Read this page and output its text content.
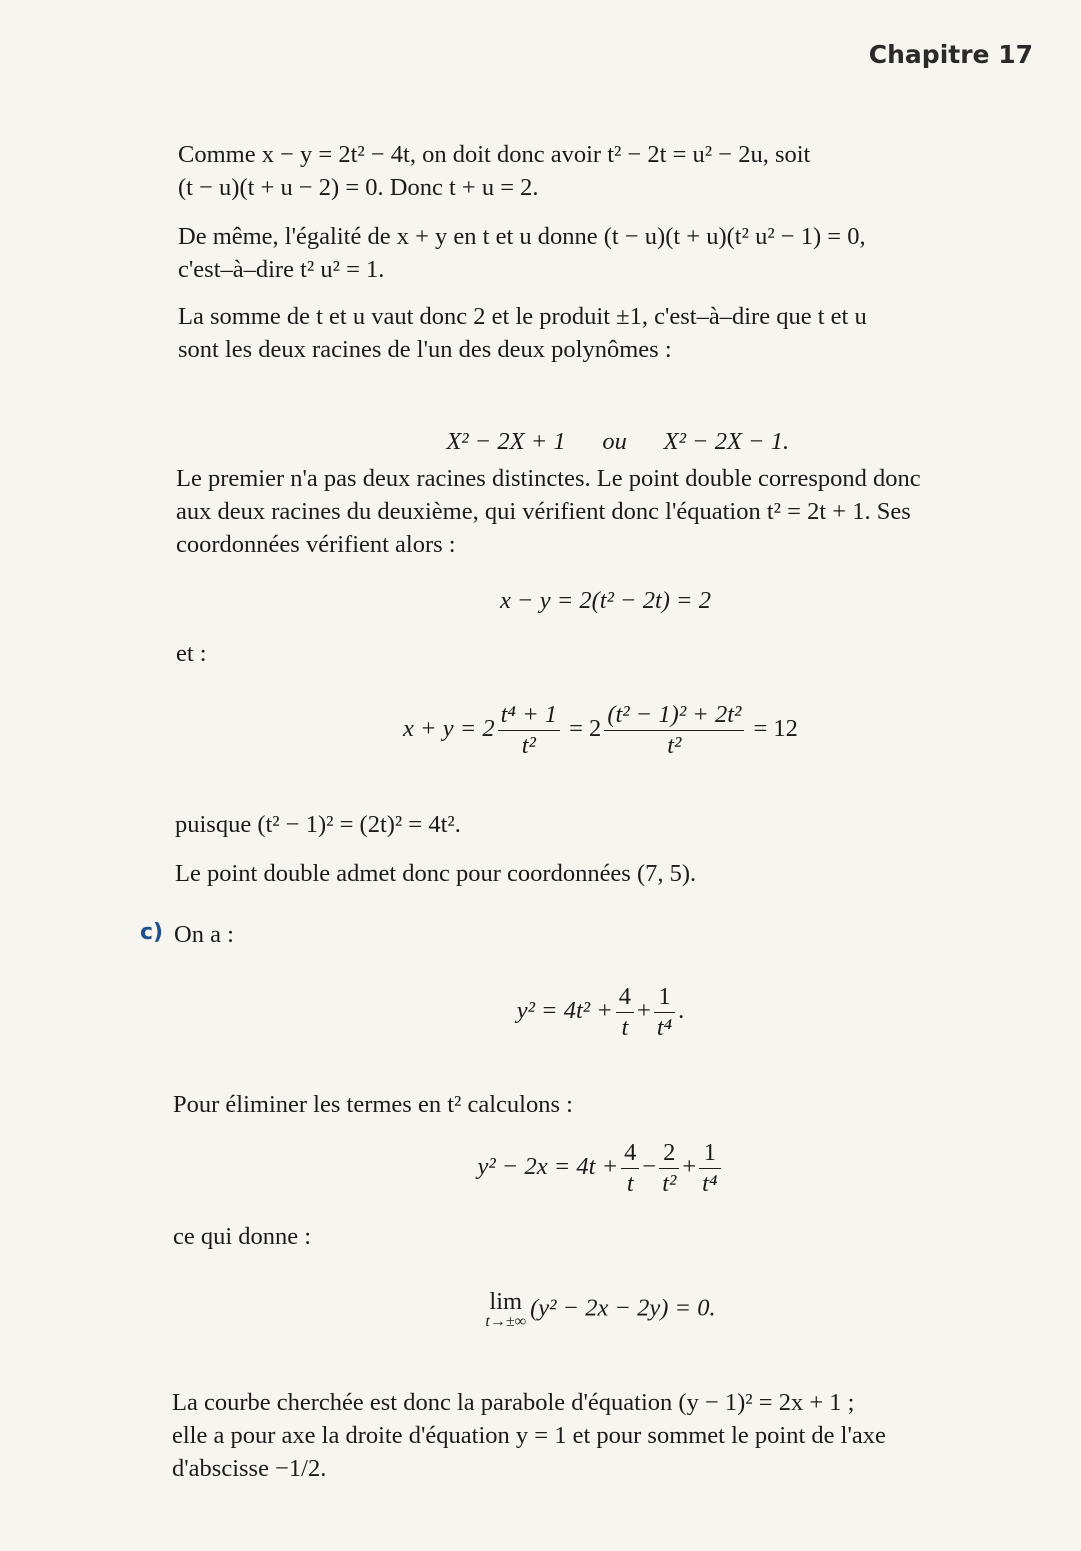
Chapitre 17

Comme x − y = 2t² − 4t, on doit donc avoir t² − 2t = u² − 2u, soit
(t − u)(t + u − 2) = 0. Donc t + u = 2.

De même, l'égalité de x + y en t et u donne (t − u)(t + u)(t² u² − 1) = 0,
c'est–à–dire t² u² = 1.

La somme de t et u vaut donc 2 et le produit ±1, c'est–à–dire que t et u
sont les deux racines de l'un des deux polynômes :

X² − 2X + 1      ou      X² − 2X − 1.

Le premier n'a pas deux racines distinctes. Le point double correspond donc
aux deux racines du deuxième, qui vérifient donc l'équation t² = 2t + 1. Ses
coordonnées vérifient alors :

x − y = 2(t² − 2t) = 2

et :

$x + y = 2 \frac{\text{t⁴ + 1}}{\text{t²}} = 2 \frac{\text{(t² − 1)² + 2t²}}{\text{t²}} = 12$

puisque (t² − 1)² = (2t)² = 4t².

Le point double admet donc pour coordonnées (7, 5).

c) On a :

$y^2 = 4t^2 + \frac{4}{t} + \frac{1}{\text{t⁴}}$ .

Pour éliminer les termes en t² calculons :

$y^2 - 2x = 4t + \frac{4}{t} - \frac{2}{\text{t²}} + \frac{1}{\text{t⁴}}$

ce qui donne :

lim
t→±∞ (y² − 2x − 2y) = 0.

La courbe cherchée est donc la parabole d'équation (y − 1)² = 2x + 1 ;
elle a pour axe la droite d'équation y = 1 et pour sommet le point de l'axe
d'abscisse −1/2.
